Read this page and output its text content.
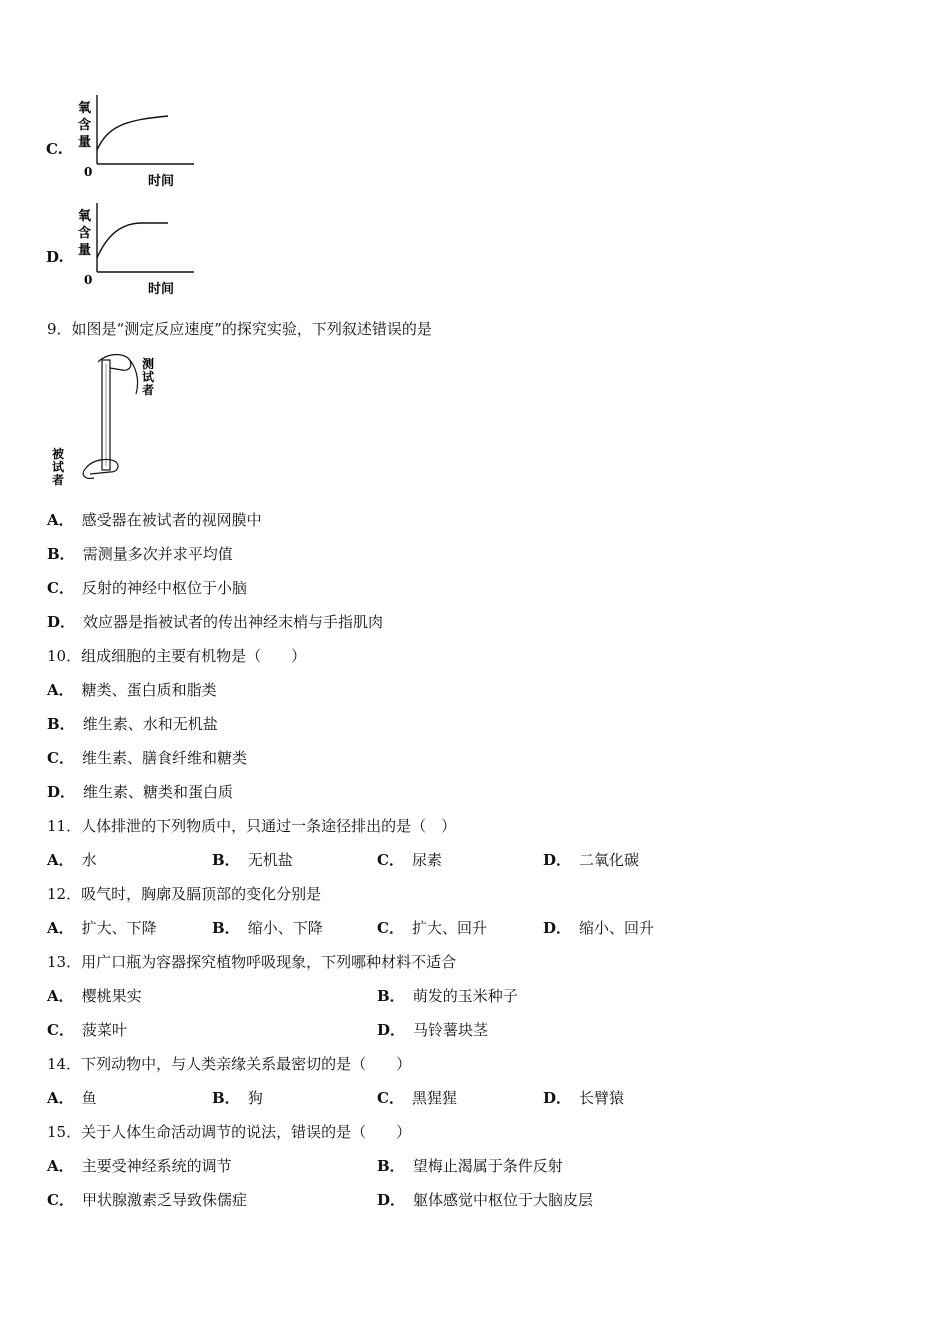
C.
氧
含
量
0
时间
D.
氧
含
量
0
时间
9．如图是“测定反应速度”的探究实验，下列叙述错误的是
测
试
者
被
试
者
A． 感受器在被试者的视网膜中
B． 需测量多次并求平均值
C． 反射的神经中枢位于小脑
D． 效应器是指被试者的传出神经末梢与手指肌肉
10．组成细胞的主要有机物是（　　）
A． 糖类、蛋白质和脂类
B． 维生素、水和无机盐
C． 维生素、膳食纤维和糖类
D． 维生素、糖类和蛋白质
11．人体排泄的下列物质中，只通过一条途径排出的是（　）
A． 水	B． 无机盐	C． 尿素	D． 二氧化碳
12．吸气时，胸廓及膈顶部的变化分别是
A． 扩大、下降	B． 缩小、下降	C． 扩大、回升	D． 缩小、回升
13．用广口瓶为容器探究植物呼吸现象，下列哪种材料不适合
A． 樱桃果实	B． 萌发的玉米种子
C． 菠菜叶	D． 马铃薯块茎
14．下列动物中，与人类亲缘关系最密切的是（　　）
A． 鱼	B． 狗	C． 黑猩猩	D． 长臂猿
15．关于人体生命活动调节的说法，错误的是（　　）
A． 主要受神经系统的调节	B． 望梅止渴属于条件反射
C． 甲状腺激素乏导致侏儒症	D． 躯体感觉中枢位于大脑皮层
